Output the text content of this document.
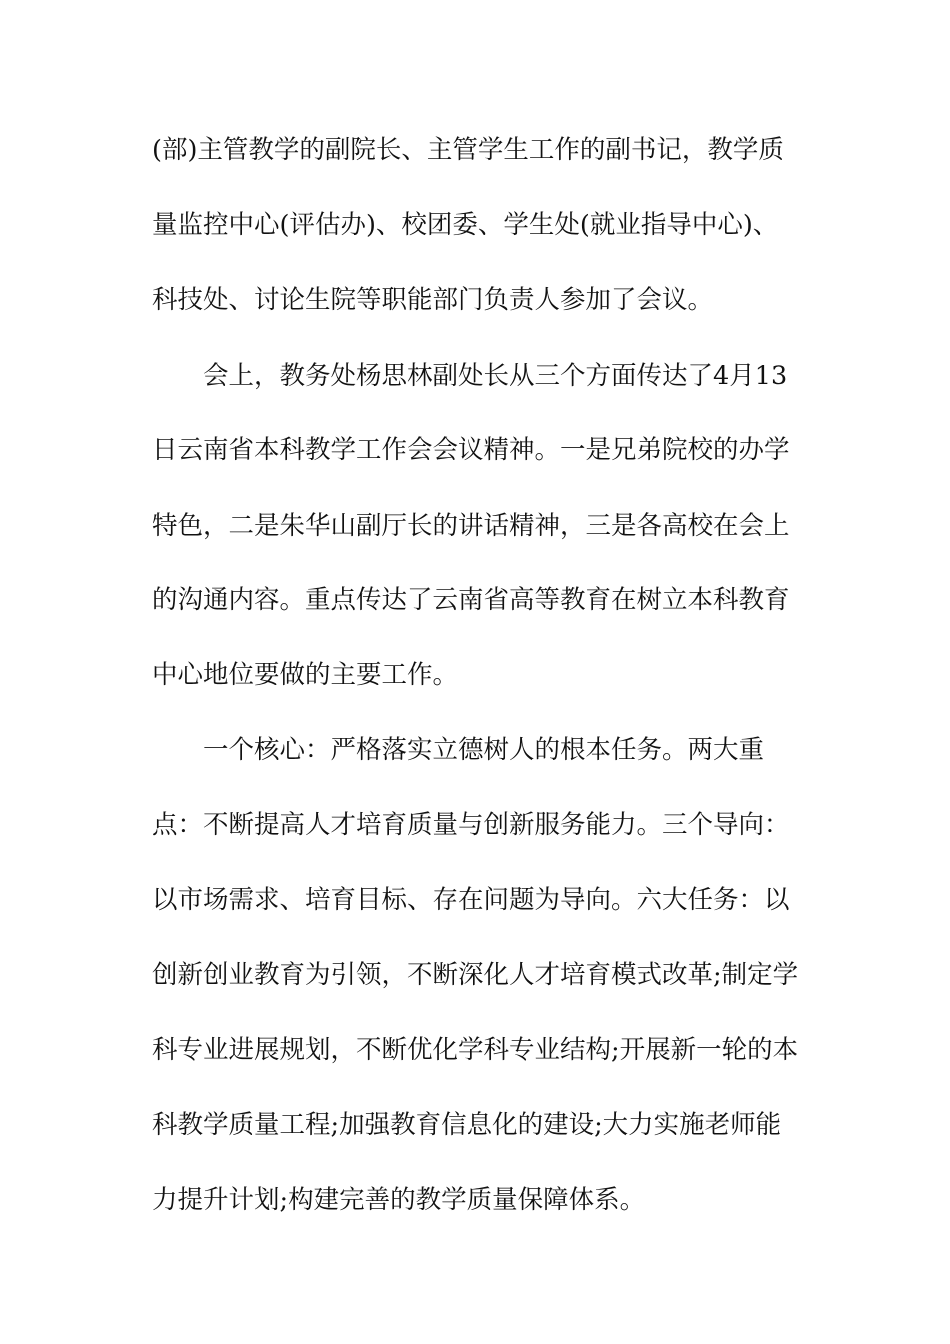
(部)主管教学的副院长、主管学生工作的副书记，教学质
量监控中心(评估办)、校团委、学生处(就业指导中心)、
科技处、讨论生院等职能部门负责人参加了会议。
会上，教务处杨思林副处长从三个方面传达了4月13
日云南省本科教学工作会会议精神。一是兄弟院校的办学
特色，二是朱华山副厅长的讲话精神，三是各高校在会上
的沟通内容。重点传达了云南省高等教育在树立本科教育
中心地位要做的主要工作。
一个核心：严格落实立德树人的根本任务。两大重
点：不断提高人才培育质量与创新服务能力。三个导向：
以市场需求、培育目标、存在问题为导向。六大任务：以
创新创业教育为引领，不断深化人才培育模式改革;制定学
科专业进展规划，不断优化学科专业结构;开展新一轮的本
科教学质量工程;加强教育信息化的建设;大力实施老师能
力提升计划;构建完善的教学质量保障体系。
